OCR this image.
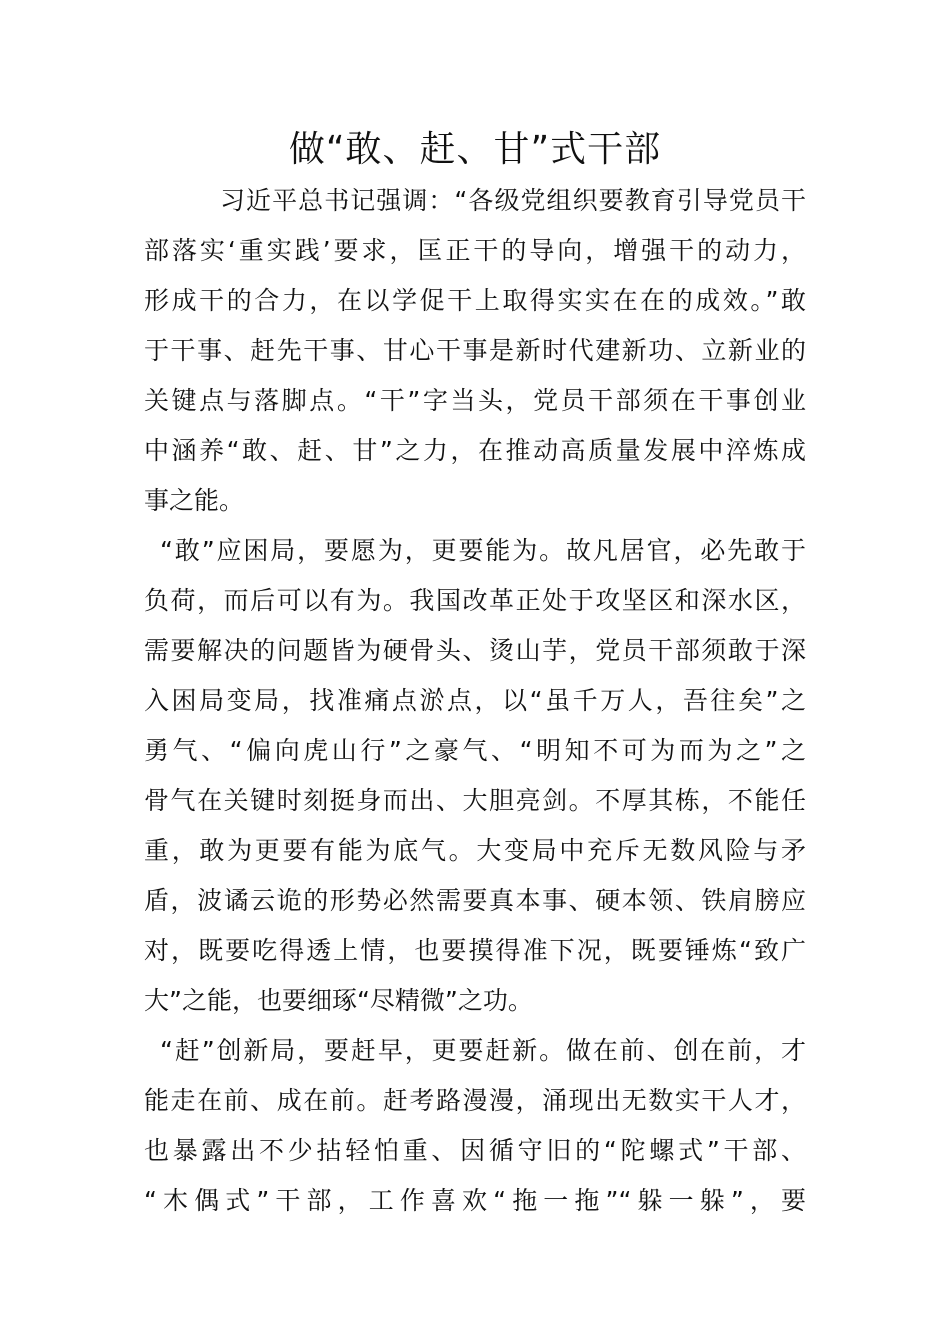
做“敢、赶、甘”式干部
习近平总书记强调：“各级党组织要教育引导党员干
部落实‘重实践’要求，匡正干的导向，增强干的动力，
形成干的合力，在以学促干上取得实实在在的成效。”敢
于干事、赶先干事、甘心干事是新时代建新功、立新业的
关键点与落脚点。“干”字当头，党员干部须在干事创业
中涵养“敢、赶、甘”之力，在推动高质量发展中淬炼成
事之能。
“敢”应困局，要愿为，更要能为。故凡居官，必先敢于
负荷，而后可以有为。我国改革正处于攻坚区和深水区，
需要解决的问题皆为硬骨头、烫山芋，党员干部须敢于深
入困局变局，找准痛点淤点，以“虽千万人，吾往矣”之
勇气、“偏向虎山行”之豪气、“明知不可为而为之”之
骨气在关键时刻挺身而出、大胆亮剑。不厚其栋，不能任
重，敢为更要有能为底气。大变局中充斥无数风险与矛
盾，波谲云诡的形势必然需要真本事、硬本领、铁肩膀应
对，既要吃得透上情，也要摸得准下况，既要锤炼“致广
大”之能，也要细琢“尽精微”之功。
“赶”创新局，要赶早，更要赶新。做在前、创在前，才
能走在前、成在前。赶考路漫漫，涌现出无数实干人才，
也暴露出不少拈轻怕重、因循守旧的“陀螺式”干部、
“木偶式”干部，工作喜欢“拖一拖”“躲一躲”，要
